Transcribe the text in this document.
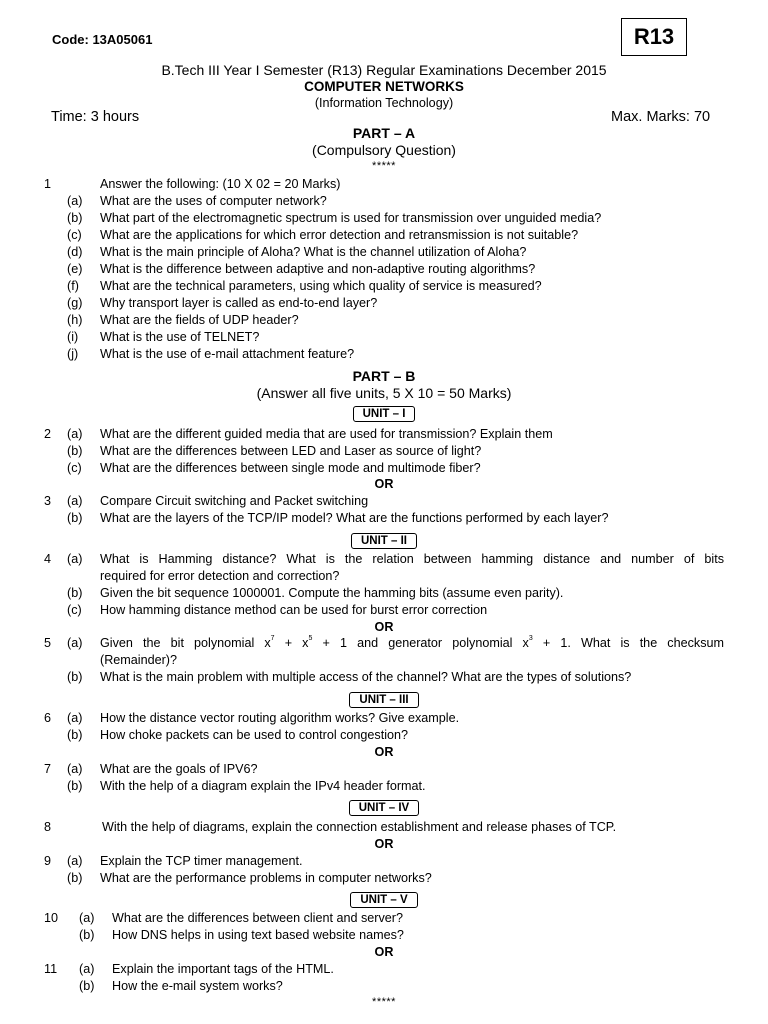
Code: 13A05061	R13
B.Tech III Year I Semester (R13) Regular Examinations December 2015
COMPUTER NETWORKS
(Information Technology)
Time: 3 hours	Max. Marks: 70
PART – A
(Compulsory Question)
*****
1	Answer the following: (10 X 02 = 20 Marks)
(a) What are the uses of computer network?
(b) What part of the electromagnetic spectrum is used for transmission over unguided media?
(c) What are the applications for which error detection and retransmission is not suitable?
(d) What is the main principle of Aloha? What is the channel utilization of Aloha?
(e) What is the difference between adaptive and non-adaptive routing algorithms?
(f) What are the technical parameters, using which quality of service is measured?
(g) Why transport layer is called as end-to-end layer?
(h) What are the fields of UDP header?
(i) What is the use of TELNET?
(j) What is the use of e-mail attachment feature?
PART – B
(Answer all five units, 5 X 10 = 50 Marks)
UNIT – I
2 (a) What are the different guided media that are used for transmission? Explain them
(b) What are the differences between LED and Laser as source of light?
(c) What are the differences between single mode and multimode fiber?
OR
3 (a) Compare Circuit switching and Packet switching
(b) What are the layers of the TCP/IP model? What are the functions performed by each layer?
UNIT – II
4 (a) What is Hamming distance? What is the relation between hamming distance and number of bits
required for error detection and correction?
(b) Given the bit sequence 1000001. Compute the hamming bits (assume even parity).
(c) How hamming distance method can be used for burst error correction
OR
5 (a) Given the bit polynomial $x^7 + x^5 + 1$ and generator polynomial $x^3 + 1$. What is the checksum
(Remainder)?
(b) What is the main problem with multiple access of the channel? What are the types of solutions?
UNIT – III
6 (a) How the distance vector routing algorithm works? Give example.
(b) How choke packets can be used to control congestion?
OR
7 (a) What are the goals of IPV6?
(b) With the help of a diagram explain the IPv4 header format.
UNIT – IV
8	With the help of diagrams, explain the connection establishment and release phases of TCP.
OR
9 (a) Explain the TCP timer management.
(b) What are the performance problems in computer networks?
UNIT – V
10 (a) What are the differences between client and server?
(b) How DNS helps in using text based website names?
OR
11 (a) Explain the important tags of the HTML.
(b) How the e-mail system works?
*****
